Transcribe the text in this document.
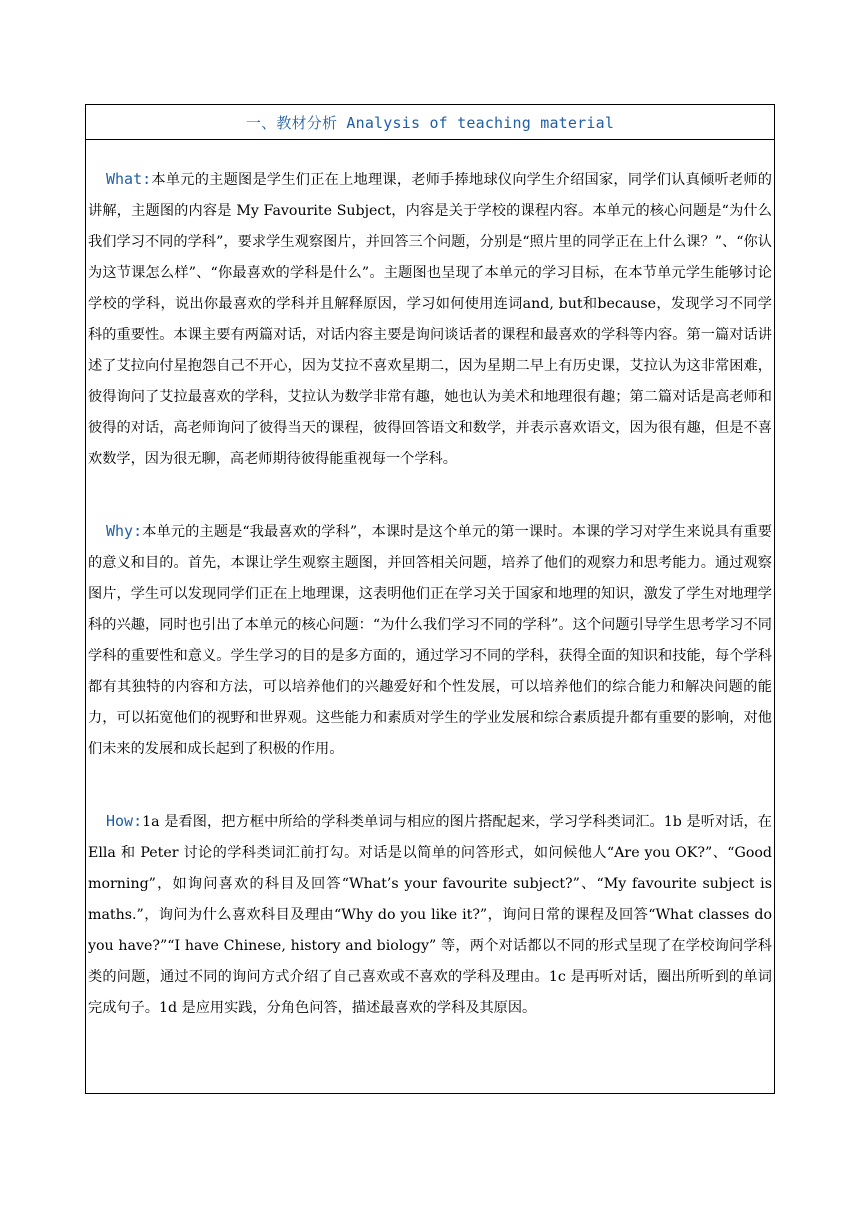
一、教材分析 Analysis of teaching material

What:本单元的主题图是学生们正在上地理课，老师手捧地球仪向学生介绍国家，同学们认真倾听老师的讲解，主题图的内容是 My Favourite Subject，内容是关于学校的课程内容。本单元的核心问题是“为什么我们学习不同的学科”，要求学生观察图片，并回答三个问题，分别是“照片里的同学正在上什么课？”、“你认为这节课怎么样”、“你最喜欢的学科是什么”。主题图也呈现了本单元的学习目标，在本节单元学生能够讨论学校的学科，说出你最喜欢的学科并且解释原因，学习如何使用连词and, but和because，发现学习不同学科的重要性。本课主要有两篇对话，对话内容主要是询问谈话者的课程和最喜欢的学科等内容。第一篇对话讲述了艾拉向付星抱怨自己不开心，因为艾拉不喜欢星期二，因为星期二早上有历史课，艾拉认为这非常困难，彼得询问了艾拉最喜欢的学科，艾拉认为数学非常有趣，她也认为美术和地理很有趣；第二篇对话是高老师和彼得的对话，高老师询问了彼得当天的课程，彼得回答语文和数学，并表示喜欢语文，因为很有趣，但是不喜欢数学，因为很无聊，高老师期待彼得能重视每一个学科。

Why:本单元的主题是“我最喜欢的学科”，本课时是这个单元的第一课时。本课的学习对学生来说具有重要的意义和目的。首先，本课让学生观察主题图，并回答相关问题，培养了他们的观察力和思考能力。通过观察图片，学生可以发现同学们正在上地理课，这表明他们正在学习关于国家和地理的知识，激发了学生对地理学科的兴趣，同时也引出了本单元的核心问题：“为什么我们学习不同的学科”。这个问题引导学生思考学习不同学科的重要性和意义。学生学习的目的是多方面的，通过学习不同的学科，获得全面的知识和技能，每个学科都有其独特的内容和方法，可以培养他们的兴趣爱好和个性发展，可以培养他们的综合能力和解决问题的能力，可以拓宽他们的视野和世界观。这些能力和素质对学生的学业发展和综合素质提升都有重要的影响，对他们未来的发展和成长起到了积极的作用。

How:1a 是看图，把方框中所给的学科类单词与相应的图片搭配起来，学习学科类词汇。1b 是听对话，在 Ella 和 Peter 讨论的学科类词汇前打勾。对话是以简单的问答形式，如问候他人“Are you OK?”、“Good morning”，如询问喜欢的科目及回答“What’s your favourite subject?”、“My favourite subject is maths.”，询问为什么喜欢科目及理由“Why do you like it?”，询问日常的课程及回答“What classes do you have?”“I have Chinese, history and biology” 等，两个对话都以不同的形式呈现了在学校询问学科类的问题，通过不同的询问方式介绍了自己喜欢或不喜欢的学科及理由。1c 是再听对话，圈出所听到的单词完成句子。1d 是应用实践，分角色问答，描述最喜欢的学科及其原因。
